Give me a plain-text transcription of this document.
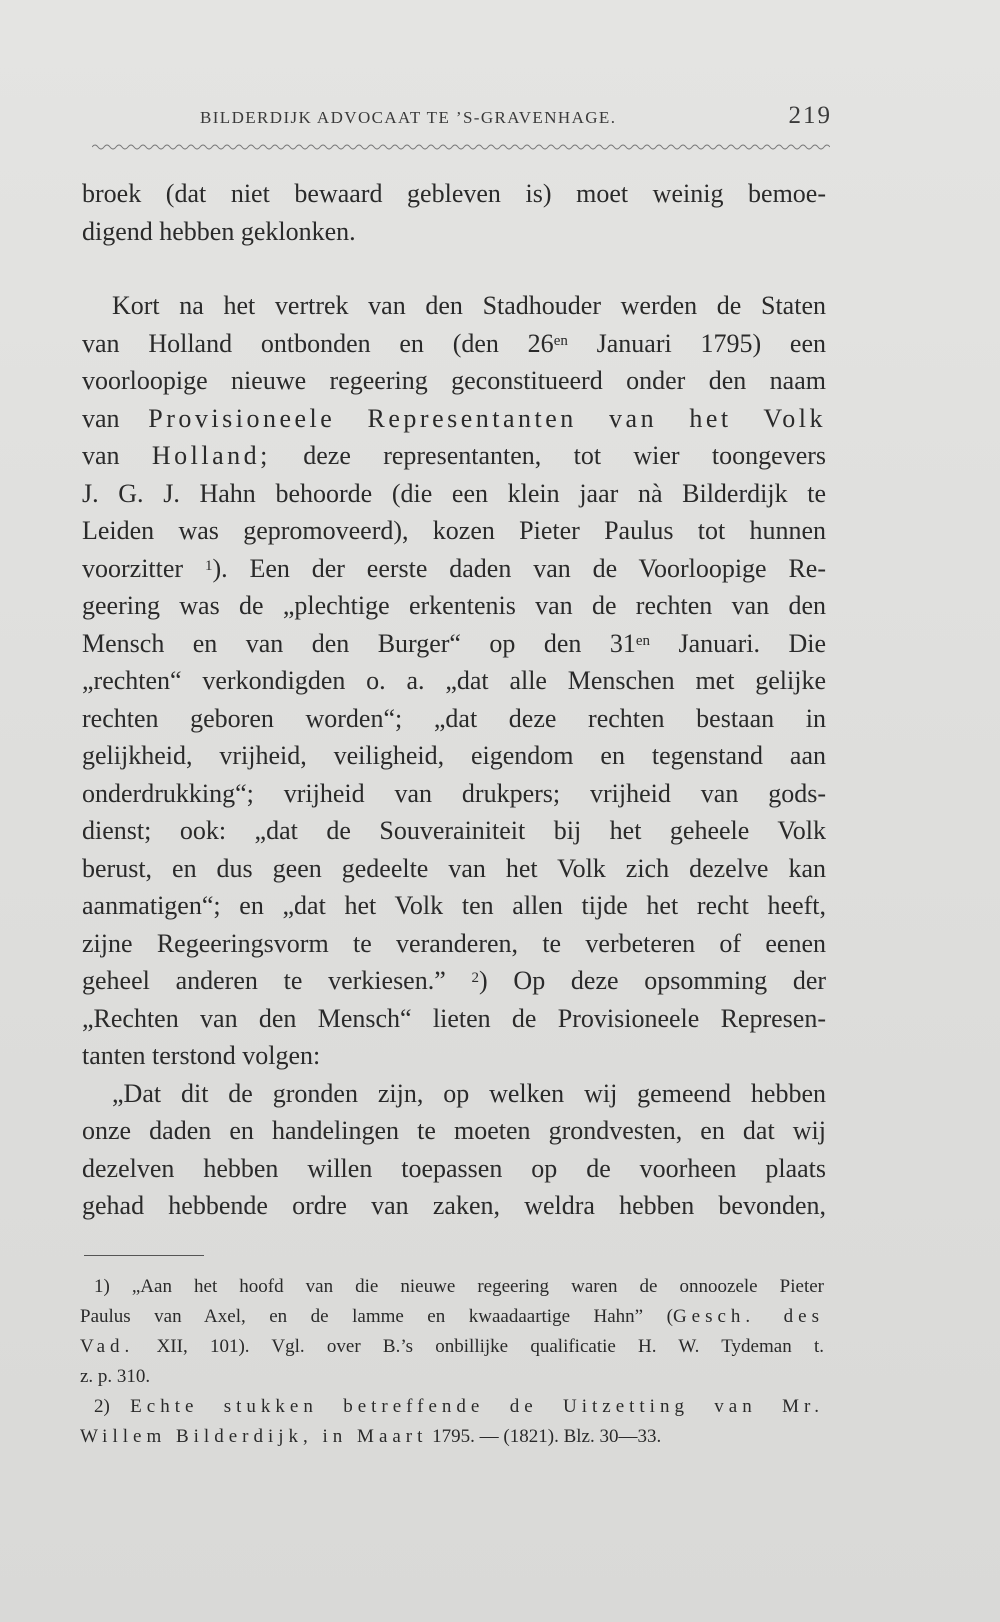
BILDERDIJK ADVOCAAT TE ’S-GRAVENHAGE.	219
broek (dat niet bewaard gebleven is) moet weinig bemoe-
digend hebben geklonken.
Kort na het vertrek van den Stadhouder werden de Staten
van Holland ontbonden en (den $26^{en}$ Januari 1795) een
voorloopige nieuwe regeering geconstitueerd onder den naam
van Provisioneele Representanten van het Volk
van Holland; deze representanten, tot wier toongevers
J. G. J. Hahn behoorde (die een klein jaar nà Bilderdijk te
Leiden was gepromoveerd), kozen Pieter Paulus tot hunnen
voorzitter $^1$). Een der eerste daden van de Voorloopige Re-
geering was de „plechtige erkentenis van de rechten van den
Mensch en van den Burger“ op den $31^{en}$ Januari. Die
„rechten“ verkondigden o. a. „dat alle Menschen met gelijke
rechten geboren worden“; „dat deze rechten bestaan in
gelijkheid, vrijheid, veiligheid, eigendom en tegenstand aan
onderdrukking“; vrijheid van drukpers; vrijheid van gods-
dienst; ook: „dat de Souverainiteit bij het geheele Volk
berust, en dus geen gedeelte van het Volk zich dezelve kan
aanmatigen“; en „dat het Volk ten allen tijde het recht heeft,
zijne Regeeringsvorm te veranderen, te verbeteren of eenen
geheel anderen te verkiesen.” $^2$) Op deze opsomming der
„Rechten van den Mensch“ lieten de Provisioneele Represen-
tanten terstond volgen:
„Dat dit de gronden zijn, op welken wij gemeend hebben
onze daden en handelingen te moeten grondvesten, en dat wij
dezelven hebben willen toepassen op de voorheen plaats
gehad hebbende ordre van zaken, weldra hebben bevonden,
1) „Aan het hoofd van die nieuwe regeering waren de onnoozele Pieter
Paulus van Axel, en de lamme en kwaadaartige Hahn” (Gesch. des
Vad. XII, 101). Vgl. over B.’s onbillijke qualificatie H. W. Tydeman t.
z. p. 310.
2) Echte stukken betreffende de Uitzetting van Mr.
Willem Bilderdijk, in Maart 1795. — (1821). Blz. 30—33.
